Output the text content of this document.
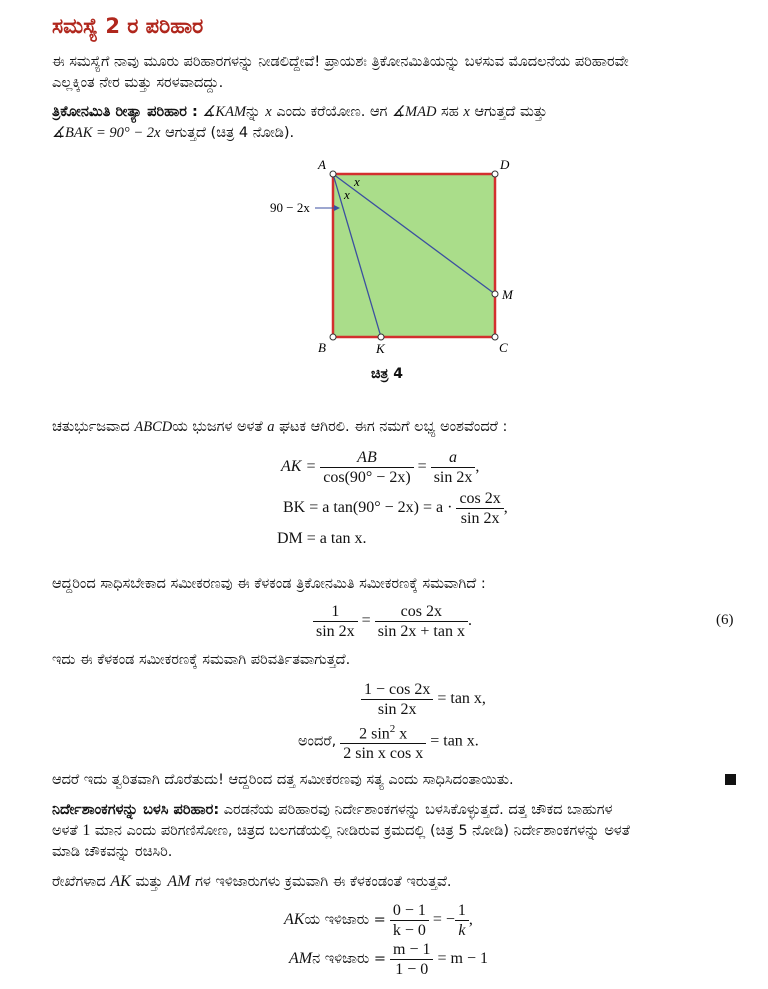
ಸಮಸ್ಯೆ 2 ರ ಪರಿಹಾರ
ಈ ಸಮಸ್ಯೆಗೆ ನಾವು ಮೂರು ಪರಿಹಾರಗಳನ್ನು ನೀಡಲಿದ್ದೇವೆ! ಪ್ರಾಯಶಃ ತ್ರಿಕೋನಮಿತಿಯನ್ನು ಬಳಸುವ ಮೊದಲನೆಯ ಪರಿಹಾರವೇ
ಎಲ್ಲಕ್ಕಿಂತ ನೇರ ಮತ್ತು ಸರಳವಾದದ್ದು.
ತ್ರಿಕೋನಮಿತಿ ರೀತ್ಯಾ ಪರಿಹಾರ : ∡KAMನ್ನು x ಎಂದು ಕರೆಯೋಣ. ಆಗ ∡MAD ಸಹ x ಆಗುತ್ತದೆ ಮತ್ತು
∡BAK = 90° − 2x ಆಗುತ್ತದೆ (ಚಿತ್ರ 4 ನೋಡಿ).
A	D
B	C
K
M
x
x
90 − 2x
ಚಿತ್ರ 4
ಚತುರ್ಭುಜವಾದ ABCDಯ ಭುಜಗಳ ಅಳತೆ a ಘಟಕ ಆಗಿರಲಿ. ಈಗ ನಮಗೆ ಲಭ್ಯ ಅಂಶವೆಂದರೆ :
AK = $\frac{AB}{\cos(90^\circ - 2x)} = \frac{a}{\sin 2x}$ ,
BK = a $\tan(90^\circ - 2x) = a \cdot \frac{\cos 2x}{\sin 2x}$ ,
DM = a tan x.
ಆದ್ದರಿಂದ ಸಾಧಿಸಬೇಕಾದ ಸಮೀಕರಣವು ಈ ಕೆಳಕಂಡ ತ್ರಿಕೋನಮಿತಿ ಸಮೀಕರಣಕ್ಕೆ ಸಮವಾಗಿದೆ :
$\frac{1}{\sin 2x} = \frac{\cos 2x}{\text{sin 2x + tan x}}$ .	(6)
ಇದು ಈ ಕೆಳಕಂಡ ಸಮೀಕರಣಕ್ಕೆ ಸಮವಾಗಿ ಪರಿವರ್ತಿತವಾಗುತ್ತದೆ.
$\frac{1 - \cos 2x}{\sin 2x} = \tan x$,
ಅಂದರೆ, $\frac{2 \sin^2 x}{\text{2 sin x cos x}} = \tan x$.
ಆದರೆ ಇದು ತ್ವರಿತವಾಗಿ ದೊರೆತುದು! ಆದ್ದರಿಂದ ದತ್ತ ಸಮೀಕರಣವು ಸತ್ಯ ಎಂದು ಸಾಧಿಸಿದಂತಾಯಿತು.
ನಿರ್ದೇಶಾಂಕಗಳನ್ನು ಬಳಸಿ ಪರಿಹಾರ: ಎರಡನೆಯ ಪರಿಹಾರವು ನಿರ್ದೇಶಾಂಕಗಳನ್ನು ಬಳಸಿಕೊಳ್ಳುತ್ತದೆ. ದತ್ತ ಚೌಕದ ಬಾಹುಗಳ
ಅಳತೆ 1 ಮಾನ ಎಂದು ಪರಿಗಣಿಸೋಣ, ಚಿತ್ರದ ಬಲಗಡೆಯಲ್ಲಿ ನೀಡಿರುವ ಕ್ರಮದಲ್ಲಿ (ಚಿತ್ರ 5 ನೋಡಿ) ನಿರ್ದೇಶಾಂಕಗಳನ್ನು ಅಳತೆ
ಮಾಡಿ ಚೌಕವನ್ನು ರಚಿಸಿರಿ.
ರೇಖೆಗಳಾದ AK ಮತ್ತು AM ಗಳ ಇಳಿಜಾರುಗಳು ಕ್ರಮವಾಗಿ ಈ ಕೆಳಕಂಡಂತೆ ಇರುತ್ತವೆ.
AKಯ ಇಳಿಜಾರು = $\frac{0 - 1}{k - 0}$ = − $\frac{1}{k}$ ,
AMನ ಇಳಿಜಾರು = $\frac{m - 1}{1 - 0} = m - 1$
